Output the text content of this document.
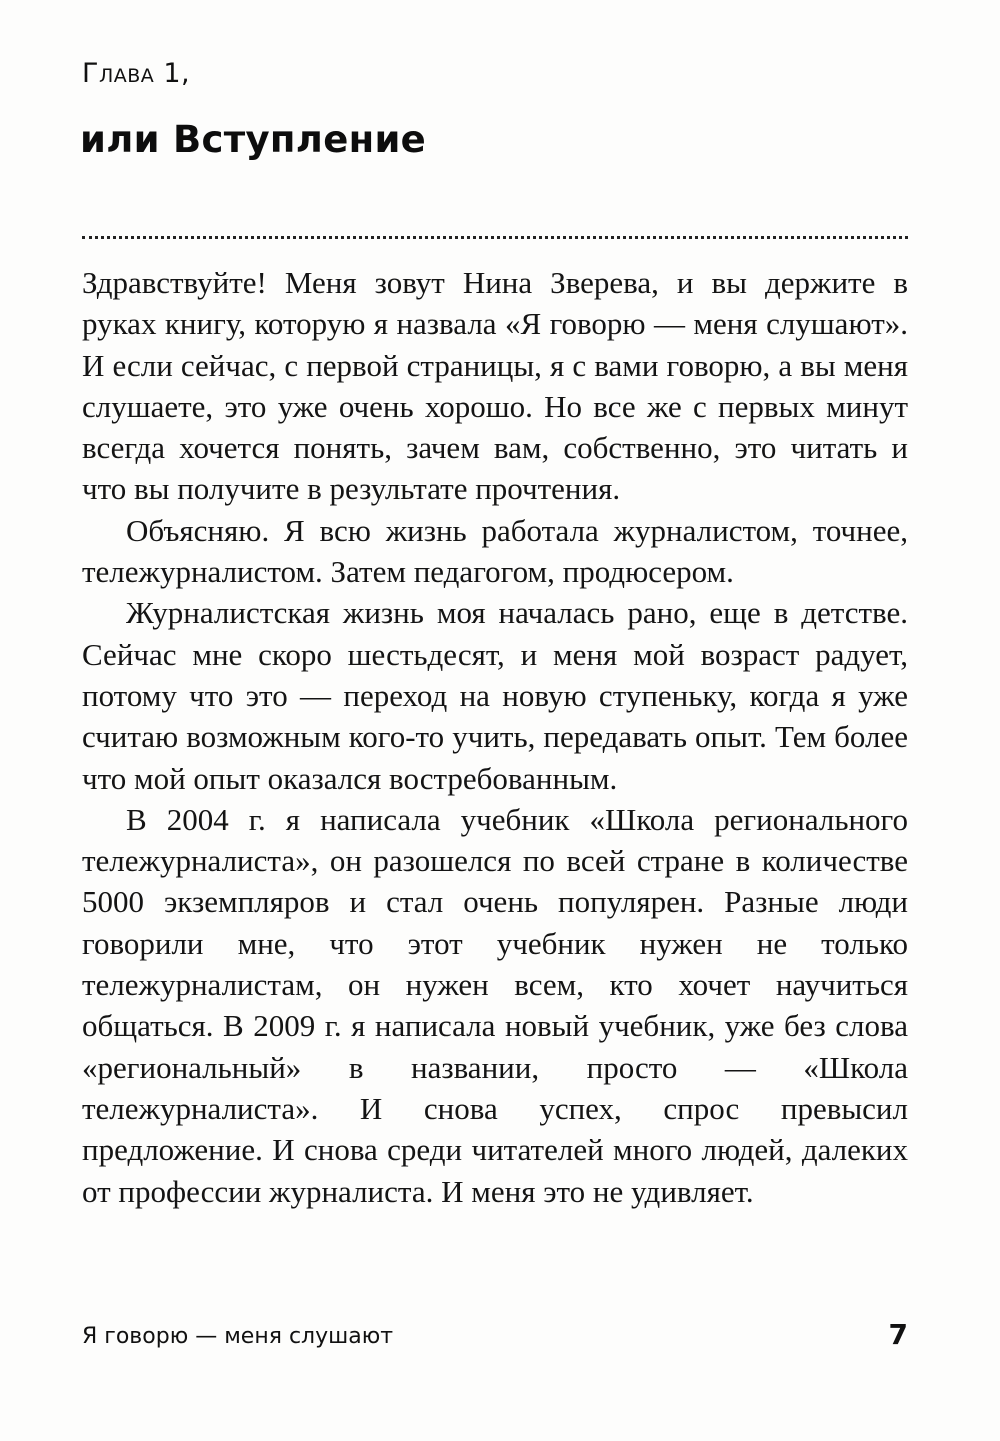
Глава 1,
или Вступление

Здравствуйте! Меня зовут Нина Зверева, и вы держите в руках книгу, которую я назвала «Я говорю — меня слушают». И если сейчас, с первой страницы, я с вами говорю, а вы меня слушаете, это уже очень хорошо. Но все же с первых минут всегда хочется понять, зачем вам, собственно, это читать и что вы получите в результате прочтения.

Объясняю. Я всю жизнь работала журналистом, точнее, тележурналистом. Затем педагогом, продюсером.

Журналистская жизнь моя началась рано, еще в детстве. Сейчас мне скоро шестьдесят, и меня мой возраст радует, потому что это — переход на новую ступеньку, когда я уже считаю возможным кого-то учить, передавать опыт. Тем более что мой опыт оказался востребованным.

В 2004 г. я написала учебник «Школа регионального тележурналиста», он разошелся по всей стране в количестве 5000 экземпляров и стал очень популярен. Разные люди говорили мне, что этот учебник нужен не только тележурналистам, он нужен всем, кто хочет научиться общаться. В 2009 г. я написала новый учебник, уже без слова «региональный» в названии, просто — «Школа тележурналиста». И снова успех, спрос превысил предложение. И снова среди читателей много людей, далеких от профессии журналиста. И меня это не удивляет.

Я говорю — меня слушают	7
